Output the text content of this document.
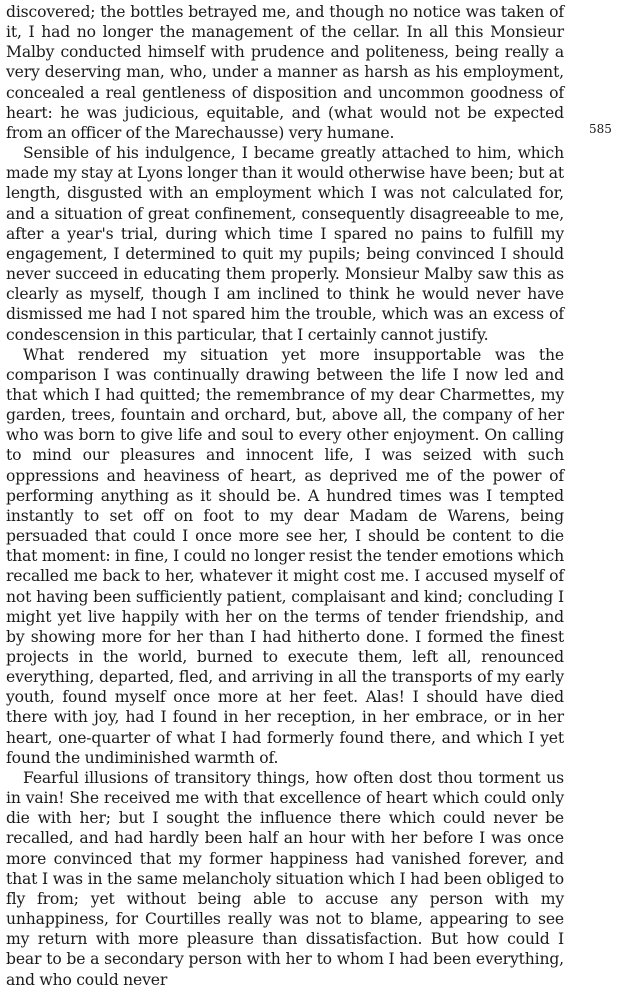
discovered; the bottles betrayed me, and though no notice was taken of it, I had no longer the management of the cellar. In all this Monsieur Malby conducted himself with prudence and politeness, being really a very deserving man, who, under a manner as harsh as his employment, concealed a real gentleness of disposition and uncommon goodness of heart: he was judicious, equitable, and (what would not be expected from an officer of the Marechausse) very humane.

Sensible of his indulgence, I became greatly attached to him, which made my stay at Lyons longer than it would otherwise have been; but at length, disgusted with an employment which I was not calculated for, and a situation of great confinement, consequently disagreeable to me, after a year's trial, during which time I spared no pains to fulfill my engagement, I determined to quit my pupils; being convinced I should never succeed in educating them properly. Monsieur Malby saw this as clearly as myself, though I am inclined to think he would never have dismissed me had I not spared him the trouble, which was an excess of condescension in this particular, that I certainly cannot justify.

What rendered my situation yet more insupportable was the comparison I was continually drawing between the life I now led and that which I had quitted; the remembrance of my dear Charmettes, my garden, trees, fountain and orchard, but, above all, the company of her who was born to give life and soul to every other enjoyment. On calling to mind our pleasures and innocent life, I was seized with such oppressions and heaviness of heart, as deprived me of the power of performing anything as it should be. A hundred times was I tempted instantly to set off on foot to my dear Madam de Warens, being persuaded that could I once more see her, I should be content to die that moment: in fine, I could no longer resist the tender emotions which recalled me back to her, whatever it might cost me. I accused myself of not having been sufficiently patient, complaisant and kind; concluding I might yet live happily with her on the terms of tender friendship, and by showing more for her than I had hitherto done. I formed the finest projects in the world, burned to execute them, left all, renounced everything, departed, fled, and arriving in all the transports of my early youth, found myself once more at her feet. Alas! I should have died there with joy, had I found in her reception, in her embrace, or in her heart, one-quarter of what I had formerly found there, and which I yet found the undiminished warmth of.

Fearful illusions of transitory things, how often dost thou torment us in vain! She received me with that excellence of heart which could only die with her; but I sought the influence there which could never be recalled, and had hardly been half an hour with her before I was once more convinced that my former happiness had vanished forever, and that I was in the same melancholy situation which I had been obliged to fly from; yet without being able to accuse any person with my unhappiness, for Courtilles really was not to blame, appearing to see my return with more pleasure than dissatisfaction. But how could I bear to be a secondary person with her to whom I had been everything, and who could never

585
